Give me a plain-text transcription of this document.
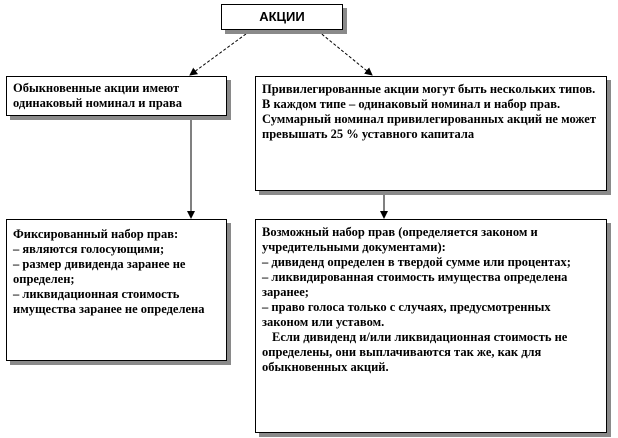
АКЦИИ

Обыкновенные акции имеют одинаковый номинал и права

Привилегированные акции могут быть нескольких типов.

В каждом типе – одинаковый номинал и набор прав.

Суммарный номинал привилегированных акций не может превышать 25 % уставного капитала

Фиксированный набор прав:

– являются голосующими;

– размер дивиденда заранее не определен;

– ликвидационная стоимость имущества заранее не определена

Возможный набор прав (определяется законом и учредительными документами):

– дивиденд определен в твердой сумме или процентах;

– ликвидированная стоимость имущества определена заранее;

– право голоса только с случаях, предусмотренных законом или уставом.

Если дивиденд и/или ликвидационная стоимость не определены, они выплачиваются так же, как для обыкновенных акций.
